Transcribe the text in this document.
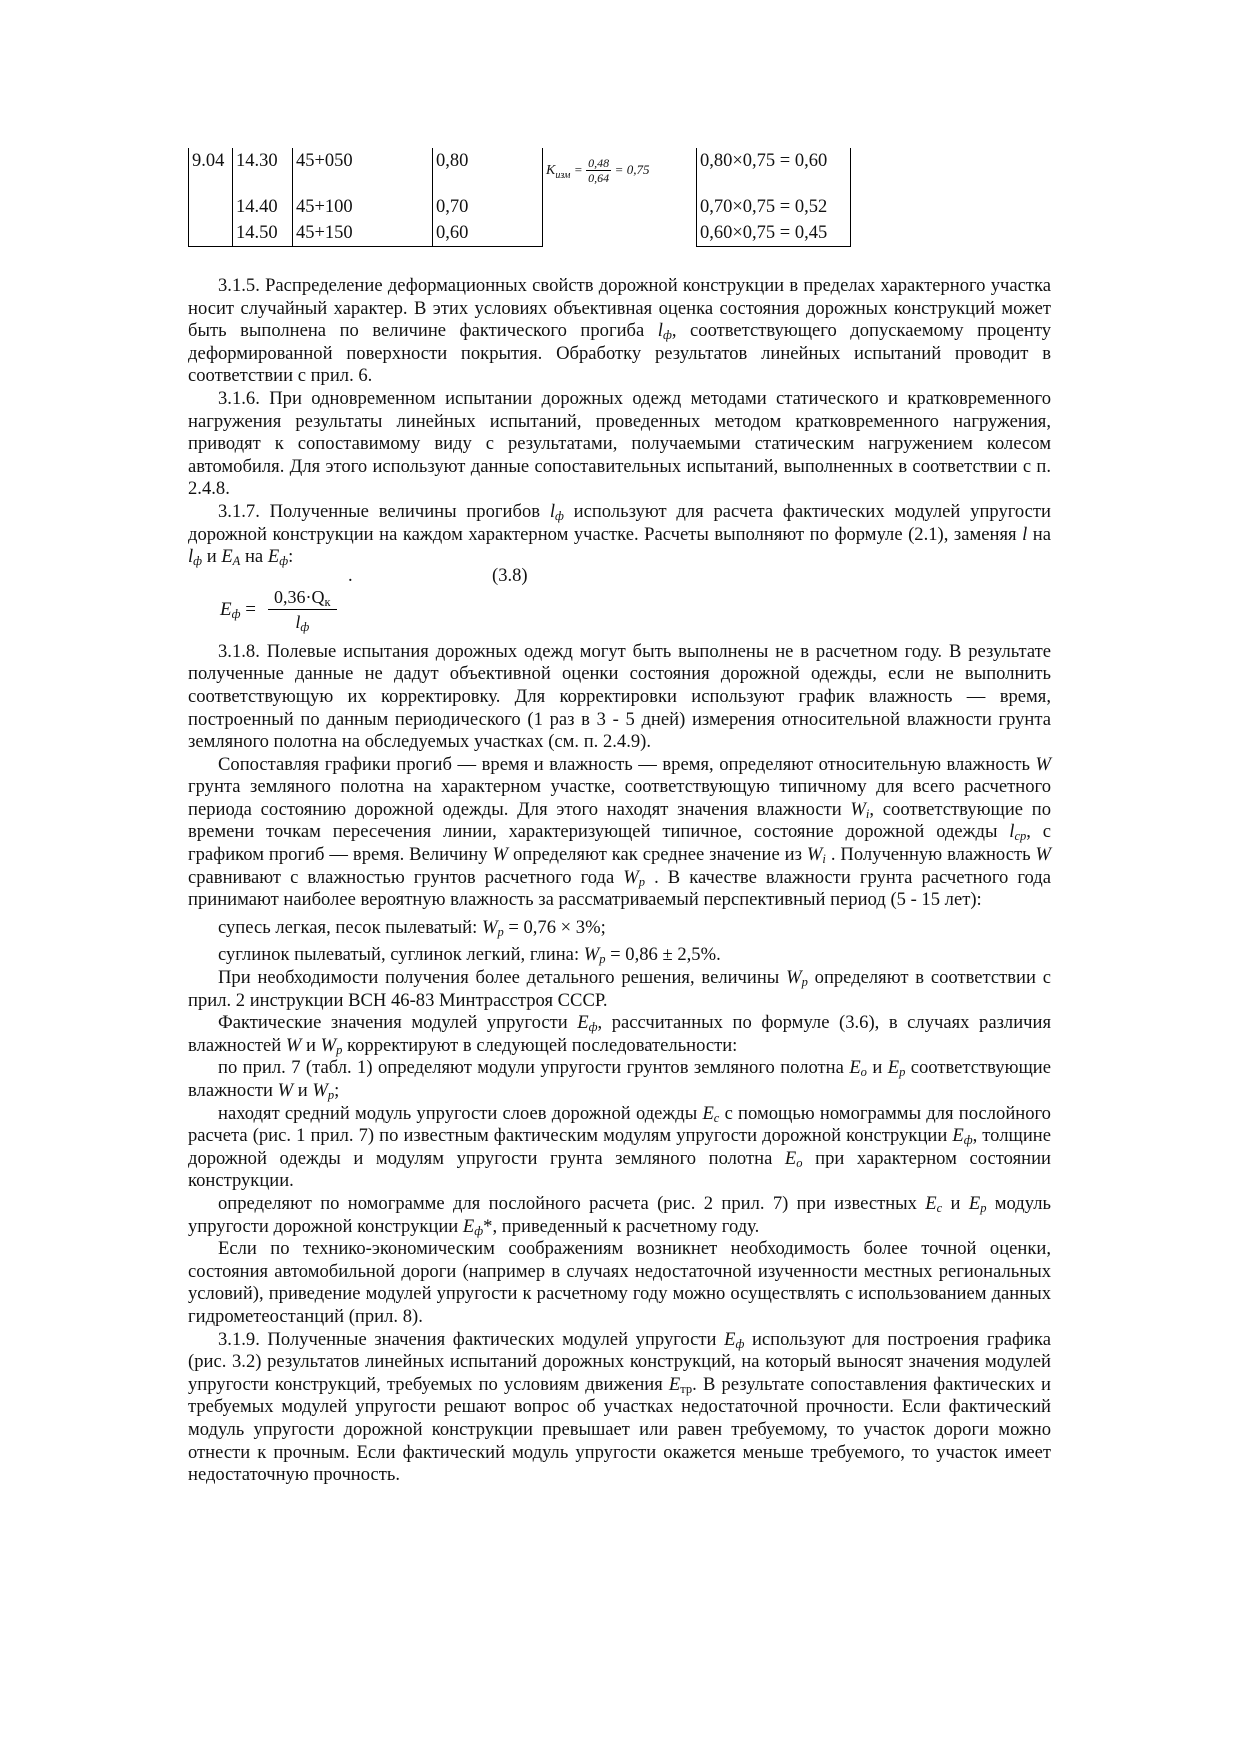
9.04	14.30	45+050	0,80	$_{K_{изм} = \frac{0,48}{0,64} = 0,75}$	0,80×0,75 = 0,60
	14.40	45+100	0,70		0,70×0,75 = 0,52
	14.50	45+150	0,60		0,60×0,75 = 0,45

3.1.5. Распределение деформационных свойств дорожной конструкции в пределах характерного участка носит случайный характер. В этих условиях объективная оценка состояния дорожных конструкций может быть выполнена по величине фактического прогиба $l_ф$, соответствующего допускаемому проценту деформированной поверхности покрытия. Обработку результатов линейных испытаний проводит в соответствии с прил. 6.

3.1.6. При одновременном испытании дорожных одежд методами статического и кратковременного нагружения результаты линейных испытаний, проведенных методом кратковременного нагружения, приводят к сопоставимому виду с результатами, получаемыми статическим нагружением колесом автомобиля. Для этого используют данные сопоставительных испытаний, выполненных в соответствии с п. 2.4.8.

3.1.7. Полученные величины прогибов $l_ф$ используют для расчета фактических модулей упругости дорожной конструкции на каждом характерном участке. Расчеты выполняют по формуле (2.1), заменяя l на $l_ф$ и $E_A$ на $E_ф$:

.	(3.8)
$E_ф$ =
$0,36\cdot Q_к$
$l_ф$

3.1.8. Полевые испытания дорожных одежд могут быть выполнены не в расчетном году. В результате полученные данные не дадут объективной оценки состояния дорожной одежды, если не выполнить соответствующую их корректировку. Для корректировки используют график влажность — время, построенный по данным периодического (1 раз в 3 - 5 дней) измерения относительной влажности грунта земляного полотна на обследуемых участках (см. п. 2.4.9).

Сопоставляя графики прогиб — время и влажность — время, определяют относительную влажность W грунта земляного полотна на характерном участке, соответствующую типичному для всего расчетного периода состоянию дорожной одежды. Для этого находят значения влажности $W_i$, соответствующие по времени точкам пересечения линии, характеризующей типичное, состояние дорожной одежды $l_{ср}$, с графиком прогиб — время. Величину W определяют как среднее значение из $W_i$ . Полученную влажность W сравнивают с влажностью грунтов расчетного года $W_р$ . В качестве влажности грунта расчетного года принимают наиболее вероятную влажность за рассматриваемый перспективный период (5 - 15 лет):

супесь легкая, песок пылеватый: $W_р = 0,76 \times 3\%$;

суглинок пылеватый, суглинок легкий, глина: $W_р = 0,86 \pm 2,5\%$.

При необходимости получения более детального решения, величины $W_р$ определяют в соответствии с прил. 2 инструкции ВСН 46-83 Минтрасстроя СССР.

Фактические значения модулей упругости $E_ф$, рассчитанных по формуле (3.6), в случаях различия влажностей W и $W_р$ корректируют в следующей последовательности:

по прил. 7 (табл. 1) определяют модули упругости грунтов земляного полотна $E_о$ и $E_р$ соответствующие влажности W и $W_р$;

находят средний модуль упругости слоев дорожной одежды $E_с$ с помощью номограммы для послойного расчета (рис. 1 прил. 7) по известным фактическим модулям упругости дорожной конструкции $E_ф$, толщине дорожной одежды и модулям упругости грунта земляного полотна $E_о$ при характерном состоянии конструкции.

определяют по номограмме для послойного расчета (рис. 2 прил. 7) при известных $E_с$ и $E_р$ модуль упругости дорожной конструкции $E_ф*$, приведенный к расчетному году.

Если по технико-экономическим соображениям возникнет необходимость более точной оценки, состояния автомобильной дороги (например в случаях недостаточной изученности местных региональных условий), приведение модулей упругости к расчетному году можно осуществлять с использованием данных гидрометеостанций (прил. 8).

3.1.9. Полученные значения фактических модулей упругости $E_ф$ используют для построения графика (рис. 3.2) результатов линейных испытаний дорожных конструкций, на который выносят значения модулей упругости конструкций, требуемых по условиям движения $E_{тр}$. В результате сопоставления фактических и требуемых модулей упругости решают вопрос об участках недостаточной прочности. Если фактический модуль упругости дорожной конструкции превышает или равен требуемому, то участок дороги можно отнести к прочным. Если фактический модуль упругости окажется меньше требуемого, то участок имеет недостаточную прочность.
